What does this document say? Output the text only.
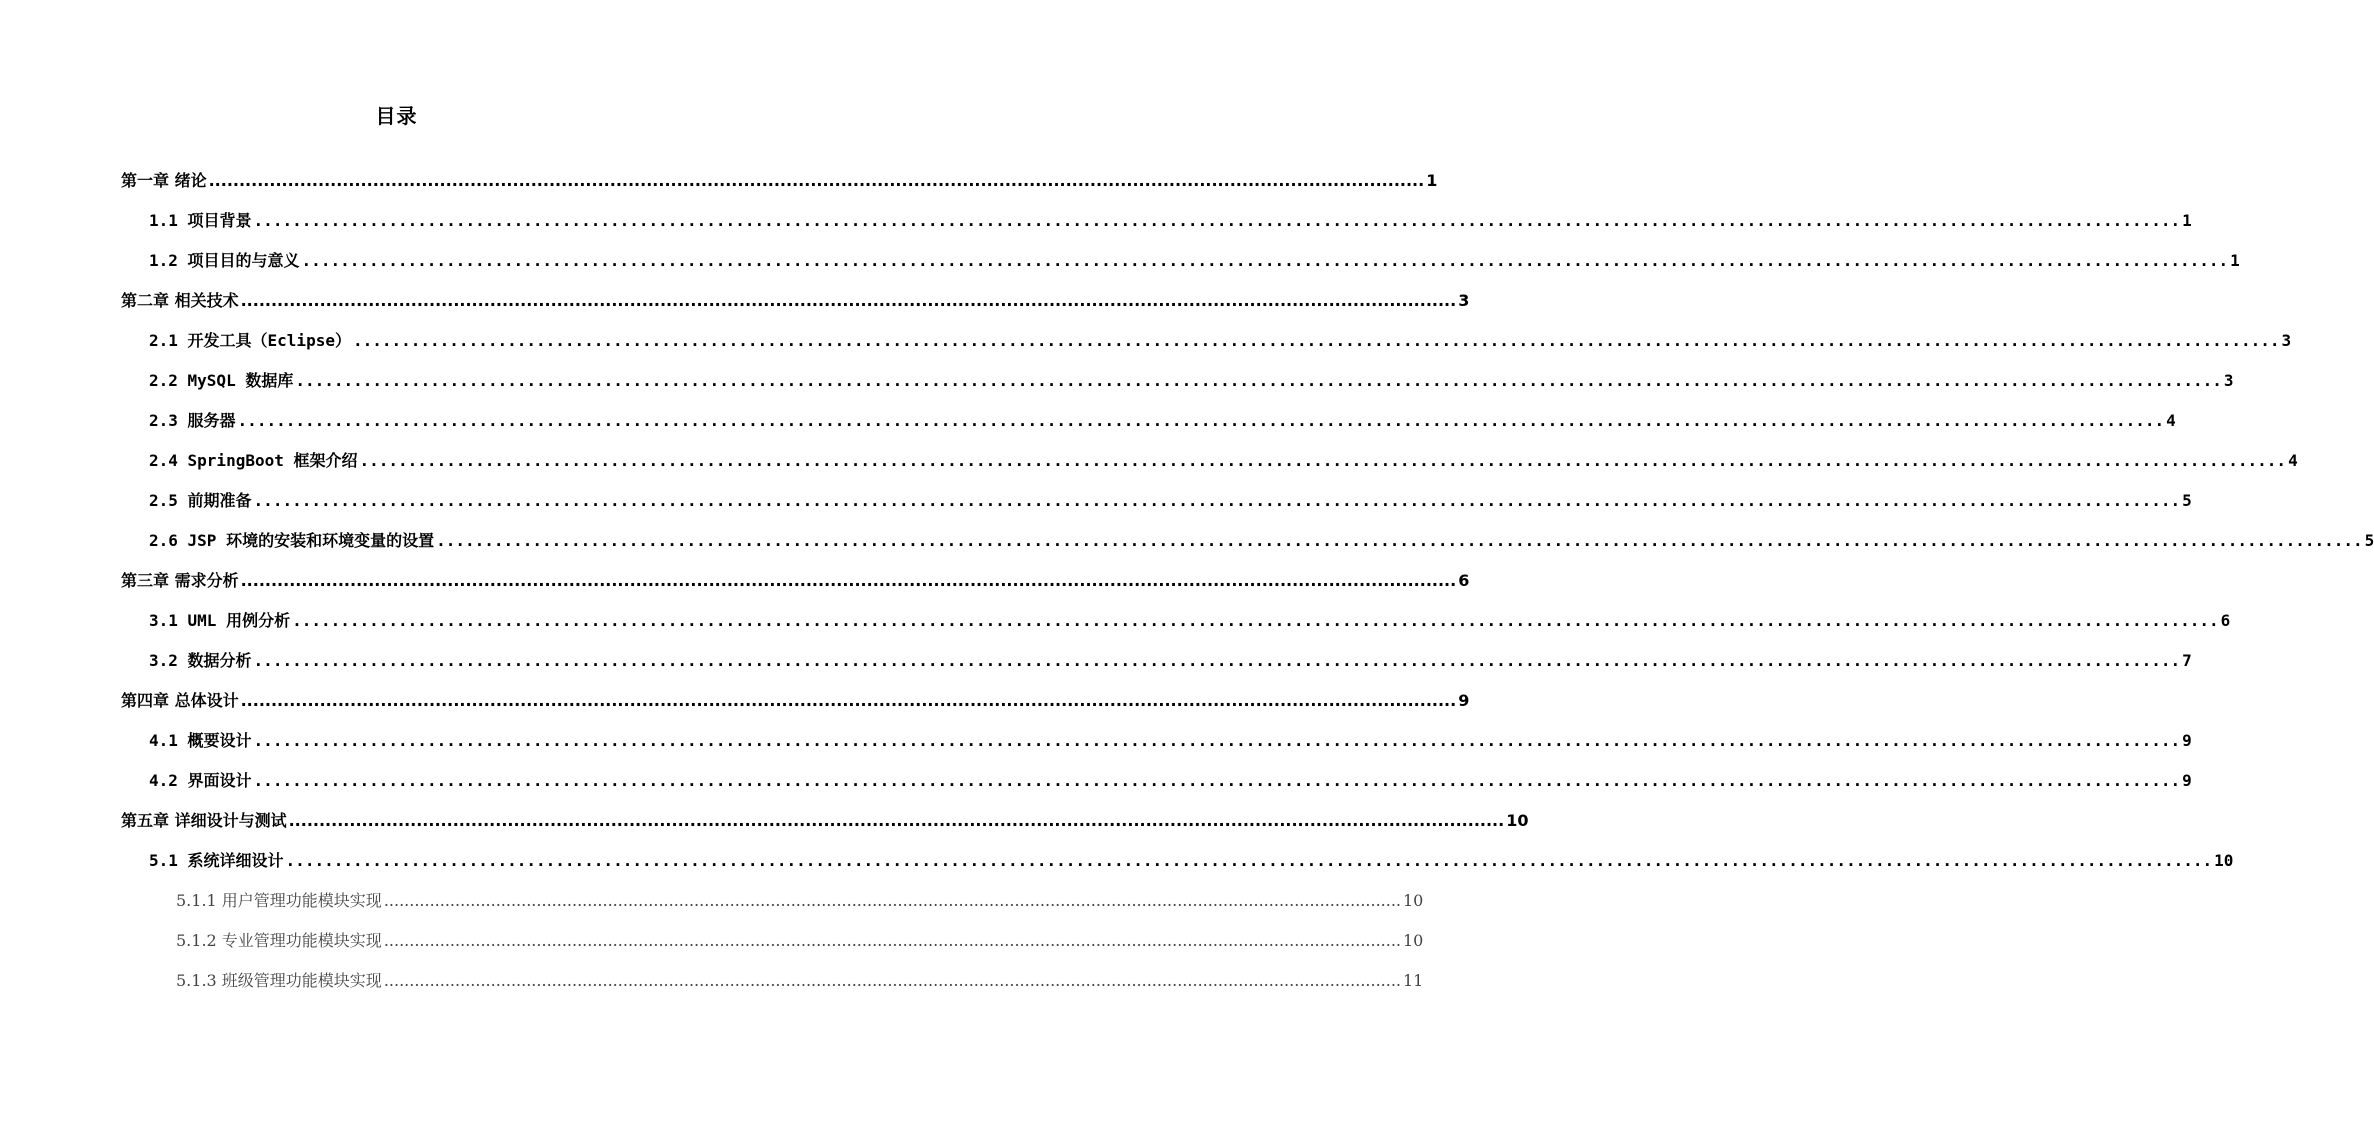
目录
第一章 绪论 ........................................................................................................................................................................................................ 1
1.1 项目背景 ........................................................................................................................................................................................................ 1
1.2 项目目的与意义 ........................................................................................................................................................................................................ 1
第二章 相关技术 ........................................................................................................................................................................................................ 3
2.1 开发工具（Eclipse） ........................................................................................................................................................................................................ 3
2.2 MySQL 数据库 ........................................................................................................................................................................................................ 3
2.3 服务器 ........................................................................................................................................................................................................ 4
2.4 SpringBoot 框架介绍 ........................................................................................................................................................................................................ 4
2.5 前期准备 ........................................................................................................................................................................................................ 5
2.6 JSP 环境的安装和环境变量的设置 ........................................................................................................................................................................................................ 5
第三章 需求分析 ........................................................................................................................................................................................................ 6
3.1 UML 用例分析 ........................................................................................................................................................................................................ 6
3.2 数据分析 ........................................................................................................................................................................................................ 7
第四章 总体设计 ........................................................................................................................................................................................................ 9
4.1 概要设计 ........................................................................................................................................................................................................ 9
4.2 界面设计 ........................................................................................................................................................................................................ 9
第五章 详细设计与测试 ........................................................................................................................................................................................................ 10
5.1 系统详细设计 ........................................................................................................................................................................................................ 10
5.1.1 用户管理功能模块实现 ........................................................................................................................................................................................................ 10
5.1.2 专业管理功能模块实现 ........................................................................................................................................................................................................ 10
5.1.3 班级管理功能模块实现 ........................................................................................................................................................................................................ 11
